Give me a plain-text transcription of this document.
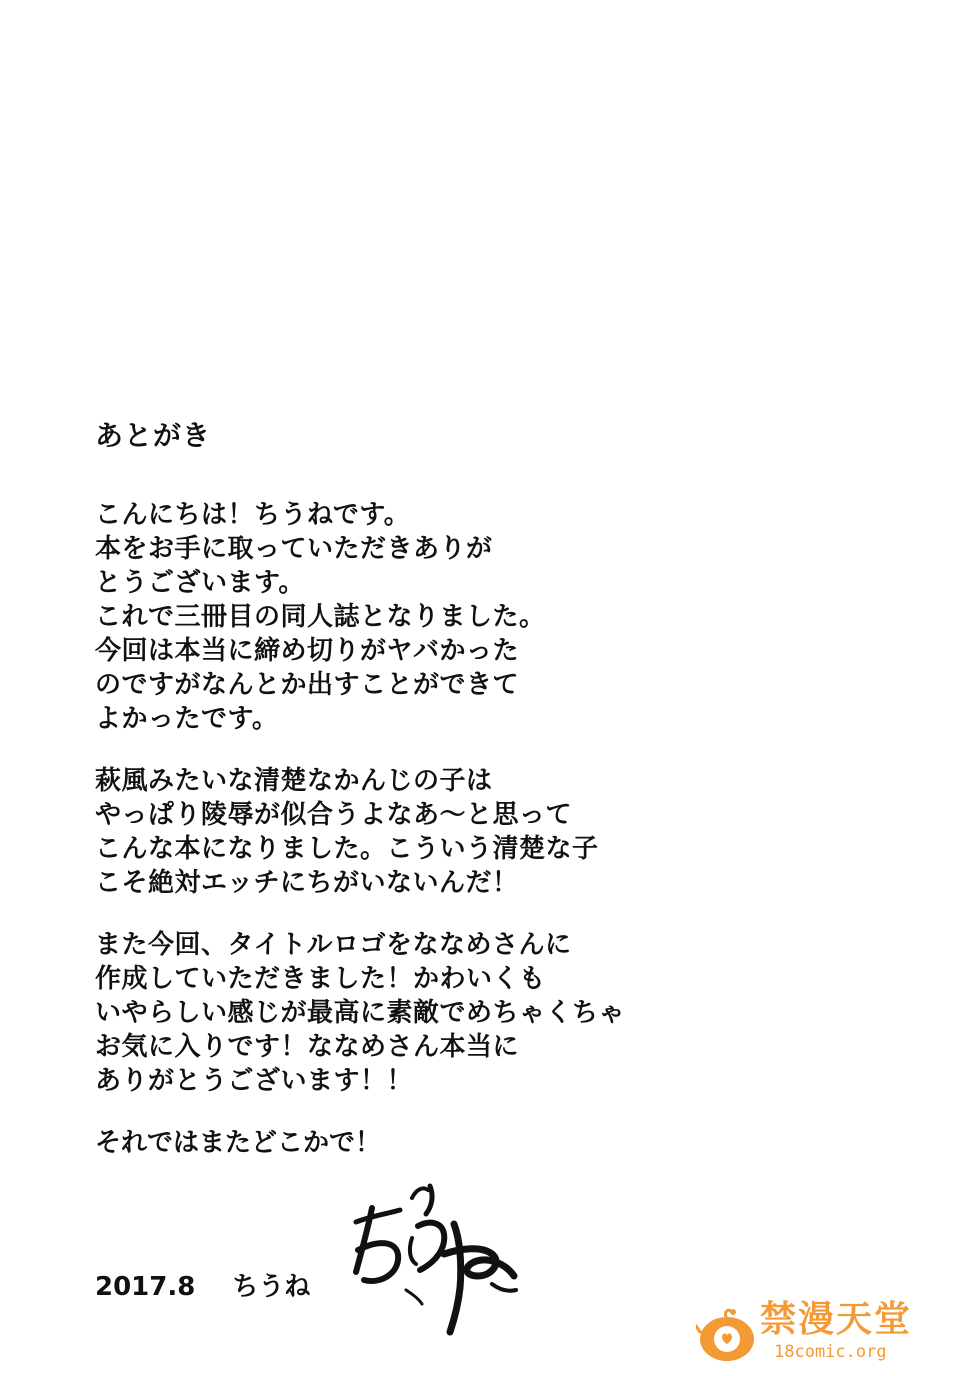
あとがき
こんにちは！ちうねです。
本をお手に取っていただきありが
とうございます。
これで三冊目の同人誌となりました。
今回は本当に締め切りがヤバかった
のですがなんとか出すことができて
よかったです。
萩風みたいな清楚なかんじの子は
やっぱり陵辱が似合うよなあ〜と思って
こんな本になりました。こういう清楚な子
こそ絶対エッチにちがいないんだ！
また今回、タイトルロゴをななめさんに
作成していただきました！かわいくも
いやらしい感じが最高に素敵でめちゃくちゃ
お気に入りです！ななめさん本当に
ありがとうございます！！

それではまたどこかで！

2017.8 ちうね
禁漫天堂
18comic.org
